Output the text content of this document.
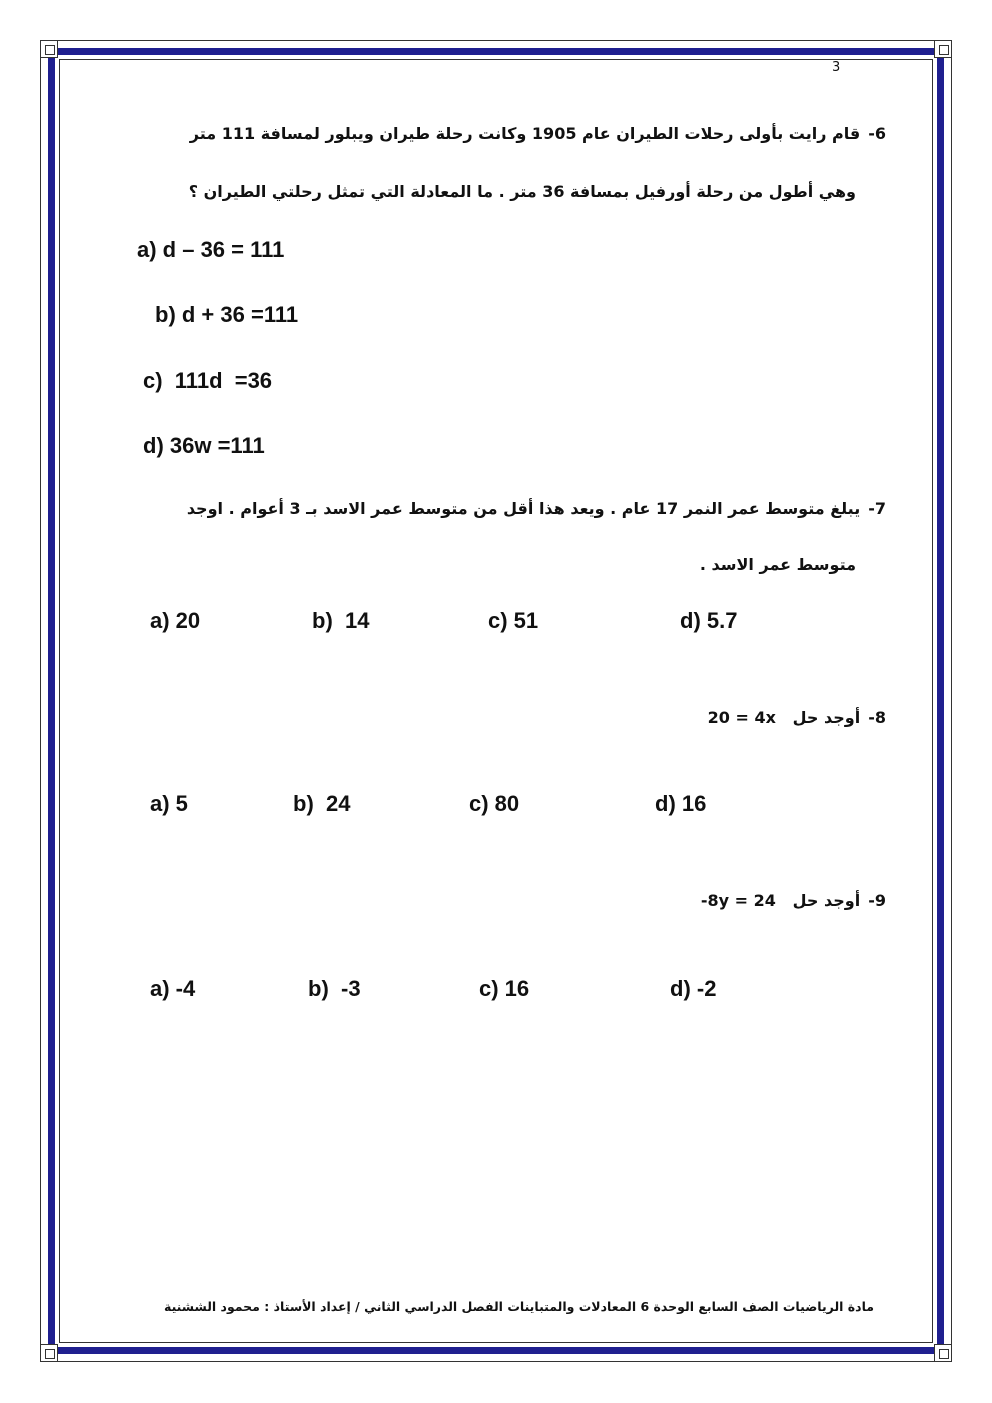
3
6-قام رايت بأولى رحلات الطيران عام 1905 وكانت رحلة طيران ويبلور لمسافة 111 متر
وهي أطول من رحلة أورفيل بمسافة 36 متر . ما المعادلة التي تمثل رحلتي الطيران ؟
a) d – 36 = 111
b) d + 36 =111
c)  111d  =36
d) 36w =111
7-يبلغ متوسط عمر النمر 17 عام . ويعد هذا أقل من متوسط عمر الاسد بـ 3 أعوام . اوجد
متوسط عمر الاسد .
a) 20	b)  14	c) 51	d) 5.7
8-أوجد حل   20 = 4x
a) 5	b)  24	c) 80	d) 16
9-أوجد حل   -8y = 24
a) -4	b)  -3	c) 16	d) -2
مادة الرياضيات الصف السابع الوحدة 6 المعادلات والمتباينات الفصل الدراسي الثاني / إعداد الأستاذ : محمود الششنية
